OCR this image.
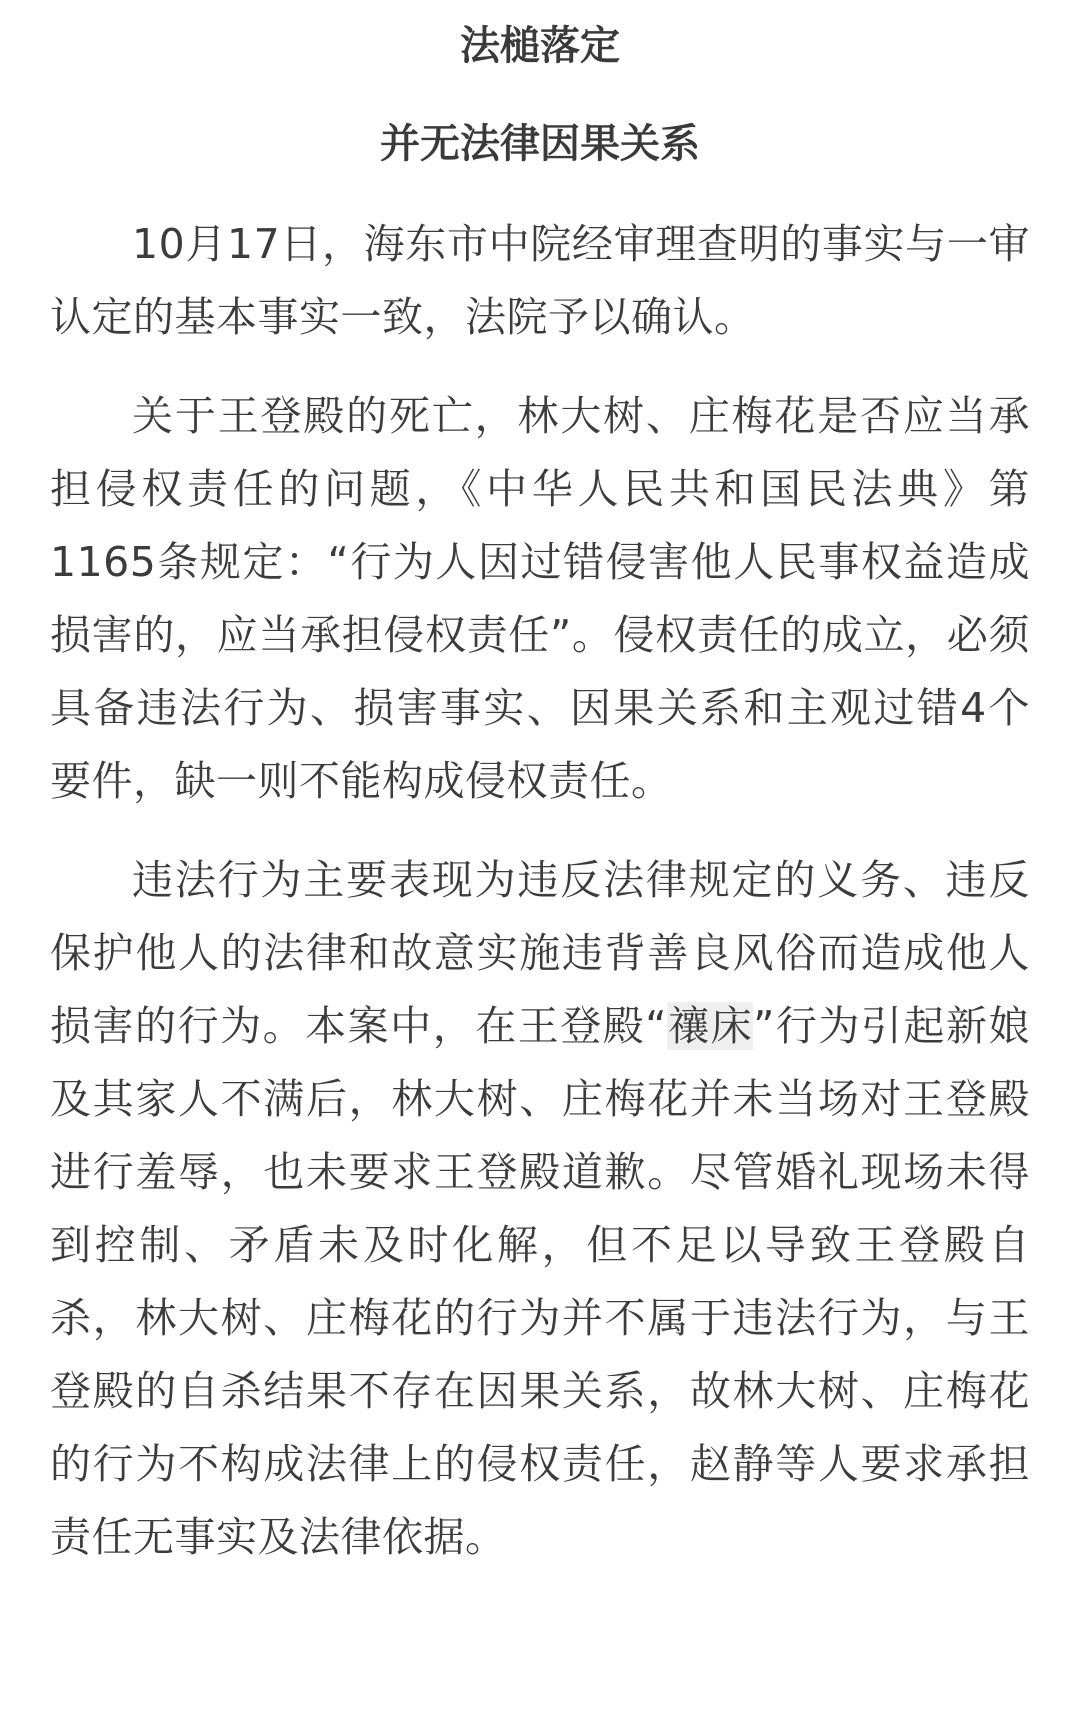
法槌落定
并无法律因果关系

10月17日，海东市中院经审理查明的事实与一审认定的基本事实一致，法院予以确认。

关于王登殿的死亡，林大树、庄梅花是否应当承担侵权责任的问题，《中华人民共和国民法典》第1165条规定：“行为人因过错侵害他人民事权益造成损害的，应当承担侵权责任”。侵权责任的成立，必须具备违法行为、损害事实、因果关系和主观过错4个要件，缺一则不能构成侵权责任。

违法行为主要表现为违反法律规定的义务、违反保护他人的法律和故意实施违背善良风俗而造成他人损害的行为。本案中，在王登殿“禳床”行为引起新娘及其家人不满后，林大树、庄梅花并未当场对王登殿进行羞辱，也未要求王登殿道歉。尽管婚礼现场未得到控制、矛盾未及时化解，但不足以导致王登殿自杀，林大树、庄梅花的行为并不属于违法行为，与王登殿的自杀结果不存在因果关系，故林大树、庄梅花的行为不构成法律上的侵权责任，赵静等人要求承担责任无事实及法律依据。
